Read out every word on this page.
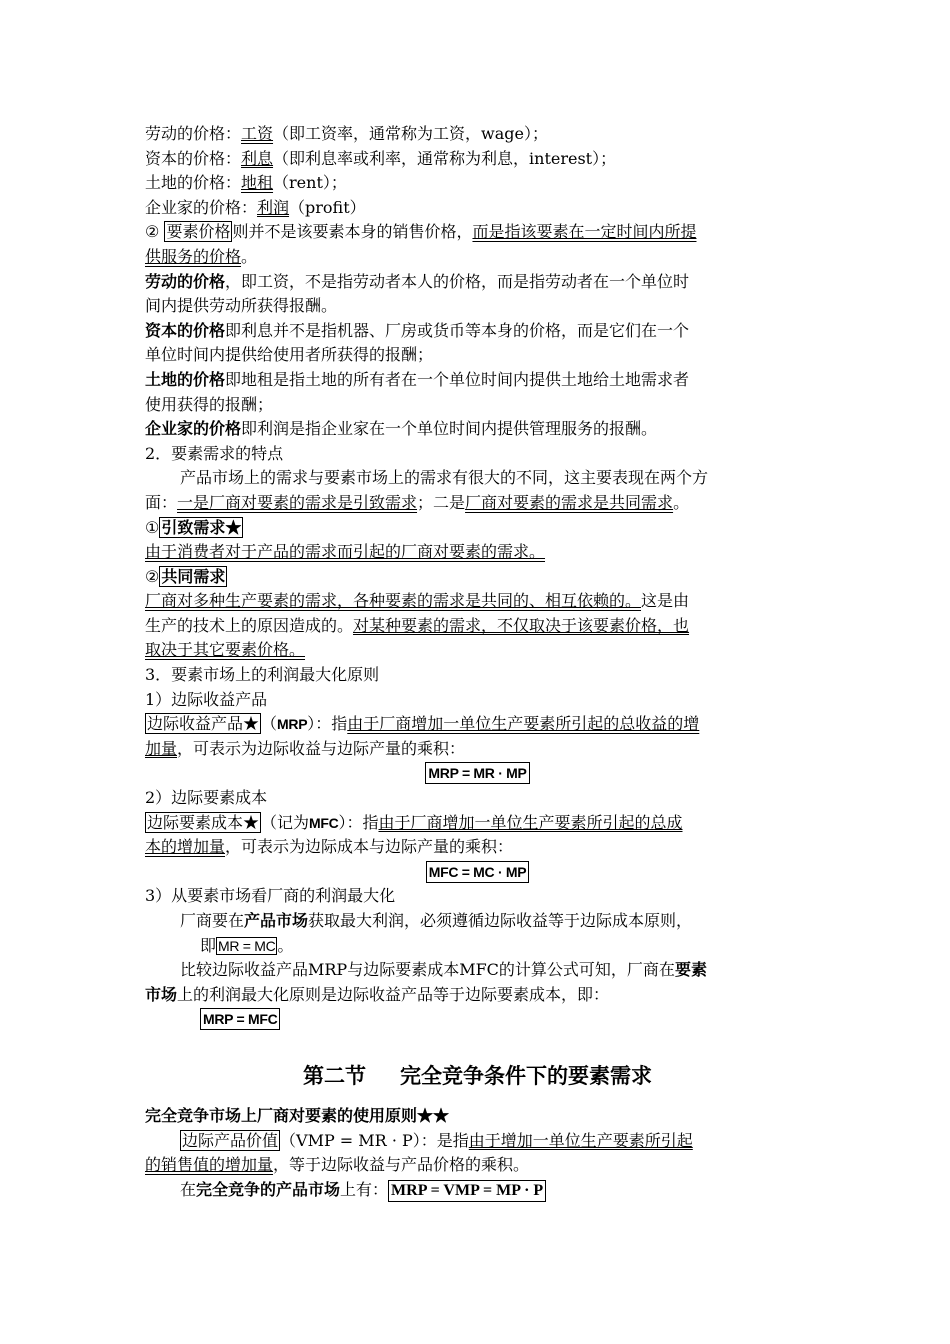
劳动的价格：工资（即工资率，通常称为工资，wage）；
资本的价格：利息（即利息率或利率，通常称为利息，interest）；
土地的价格：地租（rent）；
企业家的价格：利润（profit）
② 要素价格 则并不是该要素本身的销售价格，而是指该要素在一定时间内所提
供服务的价格。
劳动的价格，即工资，不是指劳动者本人的价格，而是指劳动者在一个单位时
间内提供劳动所获得报酬。
资本的价格即利息并不是指机器、厂房或货币等本身的价格，而是它们在一个
单位时间内提供给使用者所获得的报酬；
土地的价格即地租是指土地的所有者在一个单位时间内提供土地给土地需求者
使用获得的报酬；
企业家的价格即利润是指企业家在一个单位时间内提供管理服务的报酬。
2．要素需求的特点
产品市场上的需求与要素市场上的需求有很大的不同，这主要表现在两个方
面：一是厂商对要素的需求是引致需求；二是厂商对要素的需求是共同需求。
① 引致需求★
由于消费者对于产品的需求而引起的厂商对要素的需求。
② 共同需求
厂商对多种生产要素的需求，各种要素的需求是共同的、相互依赖的。这是由
生产的技术上的原因造成的。对某种要素的需求，不仅取决于该要素价格，也
取决于其它要素价格。
3．要素市场上的利润最大化原则
1）边际收益产品
边际收益产品★ （MRP）：指由于厂商增加一单位生产要素所引起的总收益的增
加量，可表示为边际收益与边际产量的乘积：
MRP = MR · MP
2）边际要素成本
边际要素成本★ （记为MFC）：指由于厂商增加一单位生产要素所引起的总成
本的增加量，可表示为边际成本与边际产量的乘积：
MFC = MC · MP
3）从要素市场看厂商的利润最大化
厂商要在产品市场获取最大利润，必须遵循边际收益等于边际成本原则，
即 MR = MC 。
比较边际收益产品MRP与边际要素成本MFC的计算公式可知，厂商在要素
市场上的利润最大化原则是边际收益产品等于边际要素成本，即：
MRP = MFC
第二节 完全竞争条件下的要素需求
完全竞争市场上厂商对要素的使用原则★★
边际产品价值 （VMP = MR · P）：是指由于增加一单位生产要素所引起
的销售值的增加量，等于边际收益与产品价格的乘积。
在完全竞争的产品市场上有： MRP = VMP = MP · P
